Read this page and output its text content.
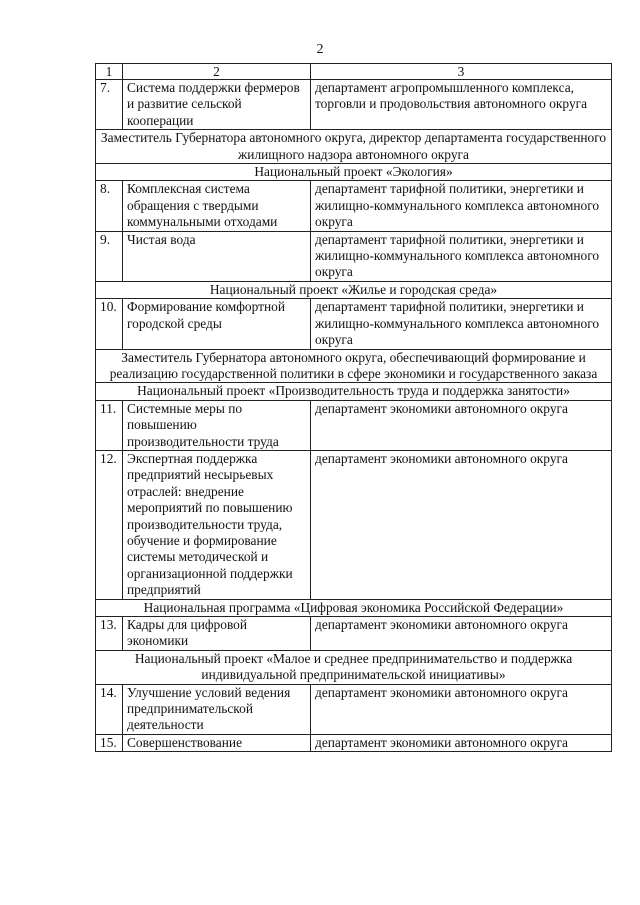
2
1	2	3
7.	Система поддержки фермеров и развитие сельской кооперации	департамент агропромышленного комплекса, торговли и продовольствия автономного округа
Заместитель Губернатора автономного округа, директор департамента государственного жилищного надзора автономного округа		
Национальный проект «Экология»		
8.	Комплексная система обращения с твердыми коммунальными отходами	департамент тарифной политики, энергетики и жилищно-коммунального комплекса автономного округа
9.	Чистая вода	департамент тарифной политики, энергетики и жилищно-коммунального комплекса автономного округа
Национальный проект «Жилье и городская среда»		
10.	Формирование комфортной городской среды	департамент тарифной политики, энергетики и жилищно-коммунального комплекса автономного округа
Заместитель Губернатора автономного округа, обеспечивающий формирование и реализацию государственной политики в сфере экономики и государственного заказа		
Национальный проект «Производительность труда и поддержка занятости»		
11.	Системные меры по повышению производительности труда	департамент экономики автономного округа
12.	Экспертная поддержка предприятий несырьевых отраслей: внедрение мероприятий по повышению производительности труда, обучение и формирование системы методической и организационной поддержки предприятий	департамент экономики автономного округа
Национальная программа «Цифровая экономика Российской Федерации»		
13.	Кадры для цифровой экономики	департамент экономики автономного округа
Национальный проект «Малое и среднее предпринимательство и поддержка индивидуальной предпринимательской инициативы»		
14.	Улучшение условий ведения предпринимательской деятельности	департамент экономики автономного округа
15.	Совершенствование	департамент экономики автономного округа
